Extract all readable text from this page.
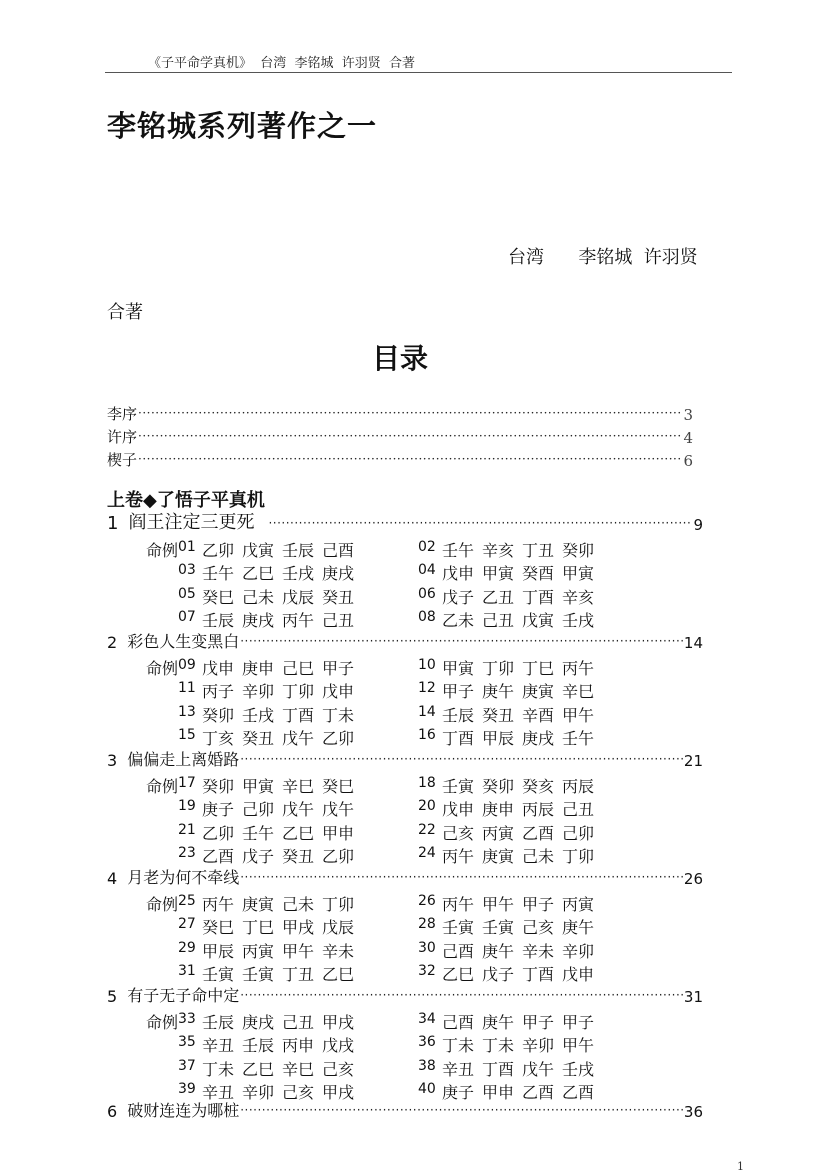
《子平命学真机》  台湾  李铭城  许羽贤  合著
李铭城系列著作之一
台湾 李铭城 许羽贤
合著
目录
李序 ·····	3
许序 ·····	4
楔子 ·····	6
上卷◆了悟子平真机
1 阎王注定三更死 ·····	9
命例 01 乙卯 戊寅 壬辰 己酉	02 壬午 辛亥 丁丑 癸卯
03 壬午 乙巳 壬戌 庚戌	04 戊申 甲寅 癸酉 甲寅
05 癸巳 己未 戊辰 癸丑	06 戊子 乙丑 丁酉 辛亥
07 壬辰 庚戌 丙午 己丑	08 乙未 己丑 戊寅 壬戌
2 彩色人生变黑白 ·····	14
命例 09 戊申 庚申 己巳 甲子	10 甲寅 丁卯 丁巳 丙午
11 丙子 辛卯 丁卯 戊申	12 甲子 庚午 庚寅 辛巳
13 癸卯 壬戌 丁酉 丁未	14 壬辰 癸丑 辛酉 甲午
15 丁亥 癸丑 戊午 乙卯	16 丁酉 甲辰 庚戌 壬午
3 偏偏走上离婚路 ·····	21
命例 17 癸卯 甲寅 辛巳 癸巳	18 壬寅 癸卯 癸亥 丙辰
19 庚子 己卯 戊午 戊午	20 戊申 庚申 丙辰 己丑
21 乙卯 壬午 乙巳 甲申	22 己亥 丙寅 乙酉 己卯
23 乙酉 戊子 癸丑 乙卯	24 丙午 庚寅 己未 丁卯
4 月老为何不牵线 ·····	26
命例 25 丙午 庚寅 己未 丁卯	26 丙午 甲午 甲子 丙寅
27 癸巳 丁巳 甲戌 戊辰	28 壬寅 壬寅 己亥 庚午
29 甲辰 丙寅 甲午 辛未	30 己酉 庚午 辛未 辛卯
31 壬寅 壬寅 丁丑 乙巳	32 乙巳 戊子 丁酉 戊申
5 有子无子命中定 ·····	31
命例 33 壬辰 庚戌 己丑 甲戌	34 己酉 庚午 甲子 甲子
35 辛丑 壬辰 丙申 戊戌	36 丁未 丁未 辛卯 甲午
37 丁未 乙巳 辛巳 己亥	38 辛丑 丁酉 戊午 壬戌
39 辛丑 辛卯 己亥 甲戌	40 庚子 甲申 乙酉 乙酉
6 破财连连为哪桩 ·····	36
1
